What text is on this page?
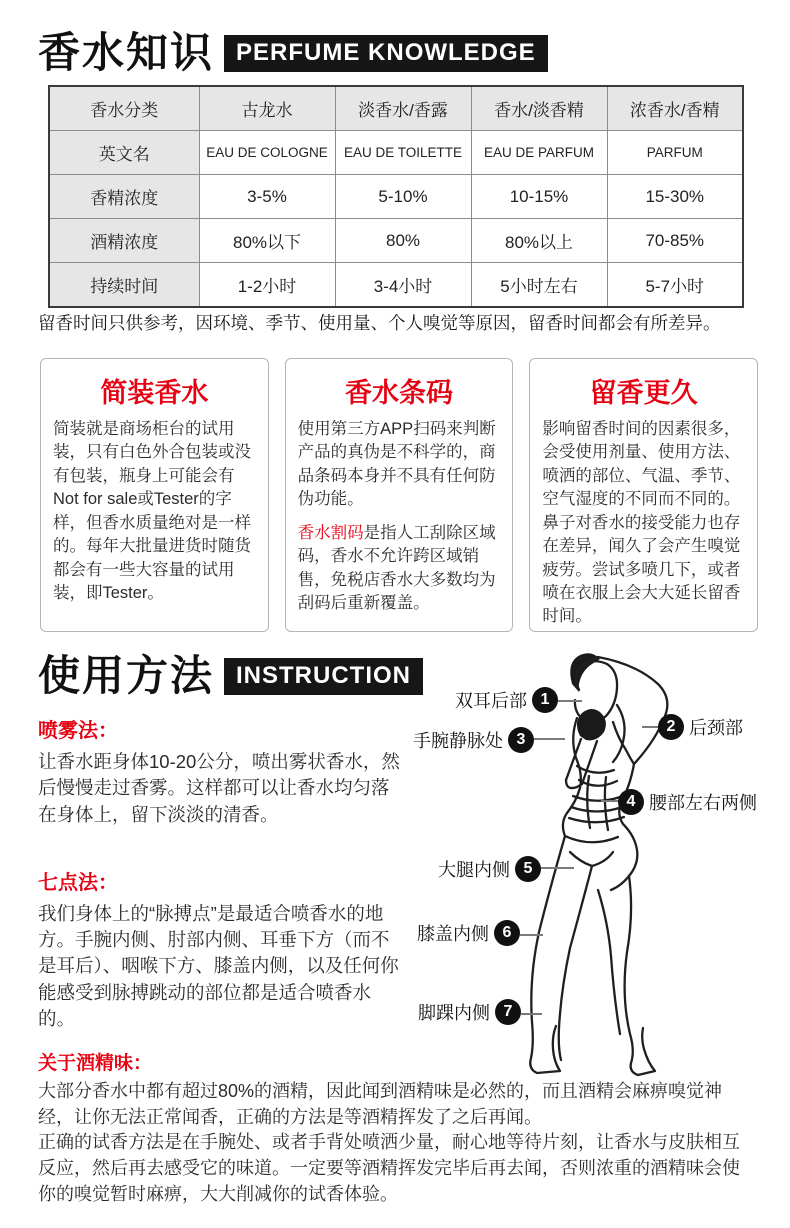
香水知识 PERFUME KNOWLEDGE
香水分类	古龙水	淡香水/香露	香水/淡香精	浓香水/香精
英文名	EAU DE COLOGNE	EAU DE TOILETTE	EAU DE PARFUM	PARFUM
香精浓度	3-5%	5-10%	10-15%	15-30%
酒精浓度	80%以下	80%	80%以上	70-85%
持续时间	1-2小时	3-4小时	5小时左右	5-7小时
留香时间只供参考，因环境、季节、使用量、个人嗅觉等原因，留香时间都会有所差异。
简装香水

简装就是商场柜台的试用装，只有白色外合包装或没有包装，瓶身上可能会有Not for sale或Tester的字样，但香水质量绝对是一样的。每年大批量进货时随货都会有一些大容量的试用装，即Tester。

香水条码

使用第三方APP扫码来判断产品的真伪是不科学的，商品条码本身并不具有任何防伪功能。

香水割码是指人工刮除区域码，香水不允许跨区域销售，免税店香水大多数均为刮码后重新覆盖。

留香更久

影响留香时间的因素很多，会受使用剂量、使用方法、喷洒的部位、气温、季节、空气湿度的不同而不同的。鼻子对香水的接受能力也存在差异，闻久了会产生嗅觉疲劳。尝试多喷几下，或者喷在衣服上会大大延长留香时间。

使用方法 INSTRUCTION
喷雾法：

让香水距身体10-20公分，喷出雾状香水，然后慢慢走过香雾。这样都可以让香水均匀落在身体上，留下淡淡的清香。

七点法：

我们身体上的“脉搏点”是最适合喷香水的地方。手腕内侧、肘部内侧、耳垂下方（而不是耳后）、咽喉下方、膝盖内侧，以及任何你能感受到脉搏跳动的部位都是适合喷香水的。

双耳后部 1
2 后颈部
手腕静脉处 3
4 腰部左右两侧
大腿内侧 5
膝盖内侧 6
脚踝内侧 7
关于酒精味：

大部分香水中都有超过80%的酒精，因此闻到酒精味是必然的，而且酒精会麻痹嗅觉神经，让你无法正常闻香，正确的方法是等酒精挥发了之后再闻。

正确的试香方法是在手腕处、或者手背处喷洒少量，耐心地等待片刻，让香水与皮肤相互反应，然后再去感受它的味道。一定要等酒精挥发完毕后再去闻，否则浓重的酒精味会使你的嗅觉暂时麻痹，大大削减你的试香体验。
